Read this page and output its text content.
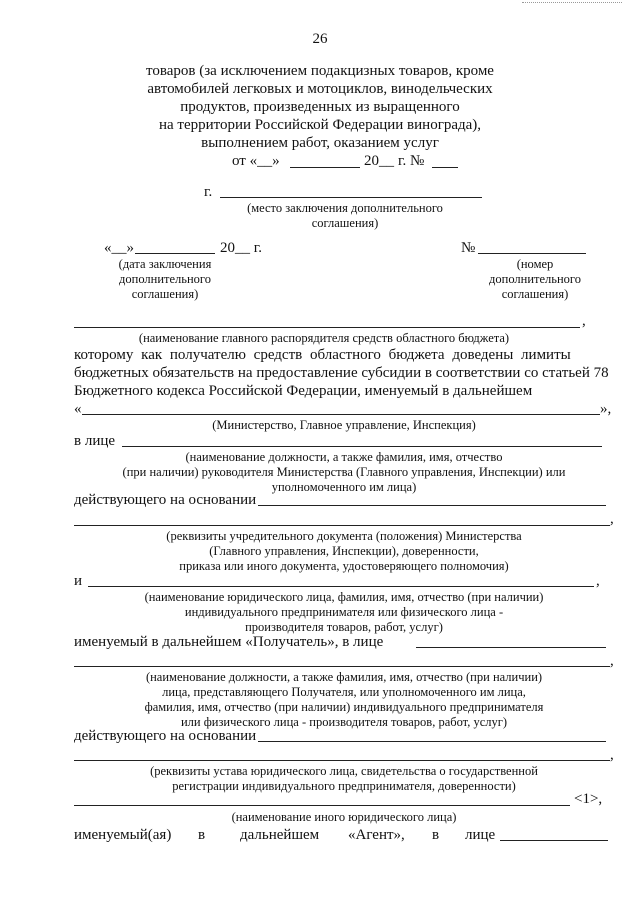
26
товаров (за исключением подакцизных товаров, кроме
автомобилей легковых и мотоциклов, винодельческих
продуктов, произведенных из выращенного
на территории Российской Федерации винограда),
выполнением работ, оказанием услуг
от «__»	20__ г. №
г.
(место заключения дополнительного
соглашения)
«__»	20__ г.
(дата заключения
дополнительного
соглашения)
№
(номер
дополнительного
соглашения)
,
(наименование главного распорядителя средств областного бюджета)
которому как получателю средств областного бюджета доведены лимиты
бюджетных обязательств на предоставление субсидии в соответствии со статьей 78
Бюджетного кодекса Российской Федерации, именуемый в дальнейшем
«	»,
(Министерство, Главное управление, Инспекция)
в лице
(наименование должности, а также фамилия, имя, отчество
(при наличии) руководителя Министерства (Главного управления, Инспекции) или
уполномоченного им лица)
действующего на основании
,
(реквизиты учредительного документа (положения) Министерства
(Главного управления, Инспекции), доверенности,
приказа или иного документа, удостоверяющего полномочия)
и	,
(наименование юридического лица, фамилия, имя, отчество (при наличии)
индивидуального предпринимателя или физического лица -
производителя товаров, работ, услуг)
именуемый в дальнейшем «Получатель», в лице
,
(наименование должности, а также фамилия, имя, отчество (при наличии)
лица, представляющего Получателя, или уполномоченного им лица,
фамилия, имя, отчество (при наличии) индивидуального предпринимателя
или физического лица - производителя товаров, работ, услуг)
действующего на основании
,
(реквизиты устава юридического лица, свидетельства о государственной
регистрации индивидуального предпринимателя, доверенности)
<1>,
(наименование иного юридического лица)
именуемый(ая) в дальнейшем «Агент», в лице
